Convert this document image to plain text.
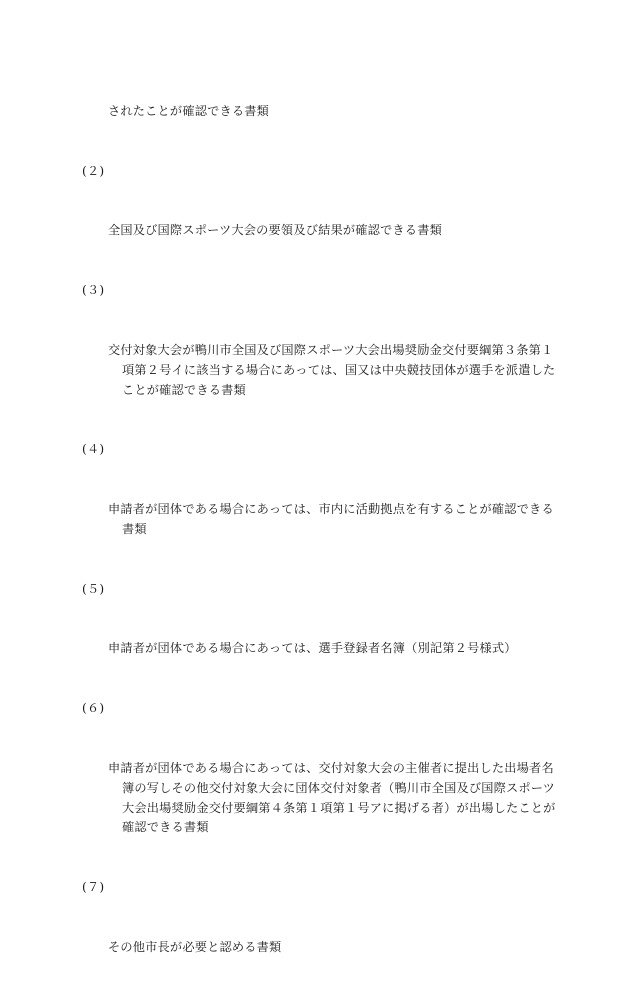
されたことが確認できる書類

(２)

全国及び国際スポーツ大会の要領及び結果が確認できる書類

(３)

交付対象大会が鴨川市全国及び国際スポーツ大会出場奨励金交付要綱第３条第１項第２号イに該当する場合にあっては、国又は中央競技団体が選手を派遣したことが確認できる書類

(４)

申請者が団体である場合にあっては、市内に活動拠点を有することが確認できる書類

(５)

申請者が団体である場合にあっては、選手登録者名簿（別記第２号様式）

(６)

申請者が団体である場合にあっては、交付対象大会の主催者に提出した出場者名簿の写しその他交付対象大会に団体交付対象者（鴨川市全国及び国際スポーツ大会出場奨励金交付要綱第４条第１項第１号アに掲げる者）が出場したことが確認できる書類

(７)

その他市長が必要と認める書類
